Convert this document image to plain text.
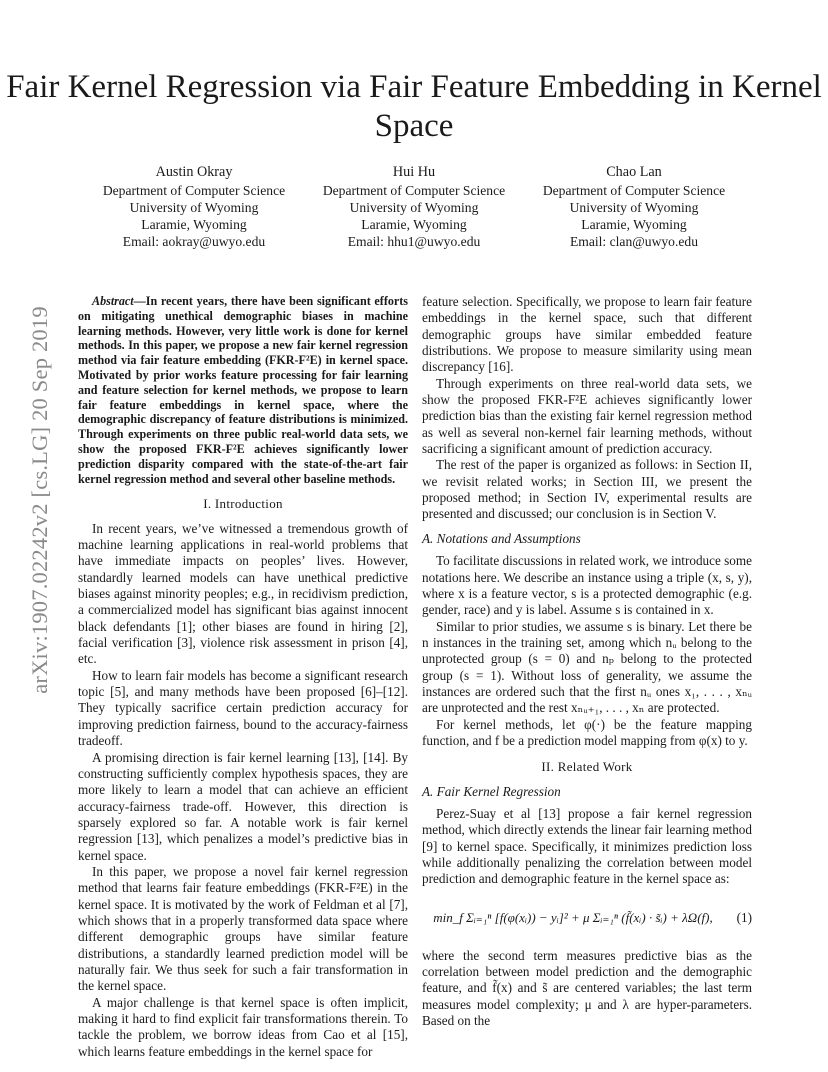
arXiv:1907.02242v2 [cs.LG] 20 Sep 2019
Fair Kernel Regression via Fair Feature Embedding in Kernel Space
Austin Okray
Department of Computer Science
University of Wyoming
Laramie, Wyoming
Email: aokray@uwyo.edu
Hui Hu
Department of Computer Science
University of Wyoming
Laramie, Wyoming
Email: hhu1@uwyo.edu
Chao Lan
Department of Computer Science
University of Wyoming
Laramie, Wyoming
Email: clan@uwyo.edu

Abstract—In recent years, there have been significant efforts on mitigating unethical demographic biases in machine learning methods. However, very little work is done for kernel methods. In this paper, we propose a new fair kernel regression method via fair feature embedding (FKR-F²E) in kernel space. Motivated by prior works feature processing for fair learning and feature selection for kernel methods, we propose to learn fair feature embeddings in kernel space, where the demographic discrepancy of feature distributions is minimized. Through experiments on three public real-world data sets, we show the proposed FKR-F²E achieves significantly lower prediction disparity compared with the state-of-the-art fair kernel regression method and several other baseline methods.

I. Introduction

In recent years, we’ve witnessed a tremendous growth of machine learning applications in real-world problems that have immediate impacts on peoples’ lives. However, standardly learned models can have unethical predictive biases against minority peoples; e.g., in recidivism prediction, a commercialized model has significant bias against innocent black defendants [1]; other biases are found in hiring [2], facial verification [3], violence risk assessment in prison [4], etc.

How to learn fair models has become a significant research topic [5], and many methods have been proposed [6]–[12]. They typically sacrifice certain prediction accuracy for improving prediction fairness, bound to the accuracy-fairness tradeoff.

A promising direction is fair kernel learning [13], [14]. By constructing sufficiently complex hypothesis spaces, they are more likely to learn a model that can achieve an efficient accuracy-fairness trade-off. However, this direction is sparsely explored so far. A notable work is fair kernel regression [13], which penalizes a model’s predictive bias in kernel space.

In this paper, we propose a novel fair kernel regression method that learns fair feature embeddings (FKR-F²E) in the kernel space. It is motivated by the work of Feldman et al [7], which shows that in a properly transformed data space where different demographic groups have similar feature distributions, a standardly learned prediction model will be naturally fair. We thus seek for such a fair transformation in the kernel space.

A major challenge is that kernel space is often implicit, making it hard to find explicit fair transformations therein. To tackle the problem, we borrow ideas from Cao et al [15], which learns feature embeddings in the kernel space for

feature selection. Specifically, we propose to learn fair feature embeddings in the kernel space, such that different demographic groups have similar embedded feature distributions. We propose to measure similarity using mean discrepancy [16].

Through experiments on three real-world data sets, we show the proposed FKR-F²E achieves significantly lower prediction bias than the existing fair kernel regression method as well as several non-kernel fair learning methods, without sacrificing a significant amount of prediction accuracy.

The rest of the paper is organized as follows: in Section II, we revisit related works; in Section III, we present the proposed method; in Section IV, experimental results are presented and discussed; our conclusion is in Section V.

A. Notations and Assumptions

To facilitate discussions in related work, we introduce some notations here. We describe an instance using a triple (x, s, y), where x is a feature vector, s is a protected demographic (e.g. gender, race) and y is label. Assume s is contained in x.

Similar to prior studies, we assume s is binary. Let there be n instances in the training set, among which nᵤ belong to the unprotected group (s = 0) and nₚ belong to the protected group (s = 1). Without loss of generality, we assume the instances are ordered such that the first nᵤ ones x₁, . . . , xₙᵤ are unprotected and the rest xₙᵤ₊₁, . . . , xₙ are protected.

For kernel methods, let φ(·) be the feature mapping function, and f be a prediction model mapping from φ(x) to y.

II. Related Work
A. Fair Kernel Regression

Perez-Suay et al [13] propose a fair kernel regression method, which directly extends the linear fair learning method [9] to kernel space. Specifically, it minimizes prediction loss while additionally penalizing the correlation between model prediction and demographic feature in the kernel space as:

min_f Σᵢ₌₁ⁿ [f(φ(xᵢ)) − yᵢ]² + μ Σᵢ₌₁ⁿ (f̃(xᵢ) · s̃ᵢ) + λΩ(f),	(1)

where the second term measures predictive bias as the correlation between model prediction and the demographic feature, and f̃(x) and s̃ are centered variables; the last term measures model complexity; μ and λ are hyper-parameters. Based on the
